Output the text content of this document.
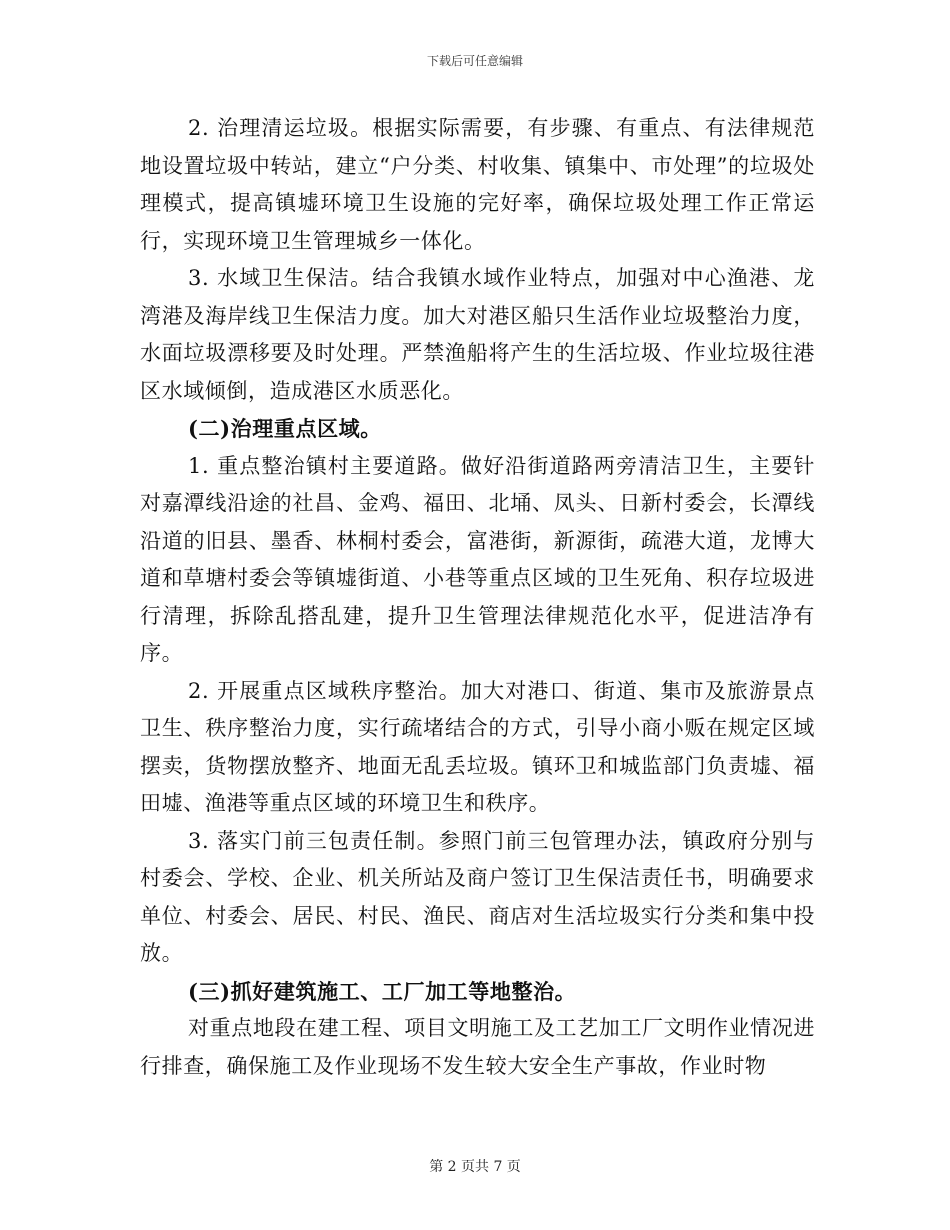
下载后可任意编辑

2. 治理清运垃圾。根据实际需要，有步骤、有重点、有法律规范地设置垃圾中转站，建立“户分类、村收集、镇集中、市处理”的垃圾处理模式，提高镇墟环境卫生设施的完好率，确保垃圾处理工作正常运行，实现环境卫生管理城乡一体化。

3. 水域卫生保洁。结合我镇水域作业特点，加强对中心渔港、龙湾港及海岸线卫生保洁力度。加大对港区船只生活作业垃圾整治力度，水面垃圾漂移要及时处理。严禁渔船将产生的生活垃圾、作业垃圾往港区水域倾倒，造成港区水质恶化。

(二)治理重点区域。

1. 重点整治镇村主要道路。做好沿街道路两旁清洁卫生，主要针对嘉潭线沿途的社昌、金鸡、福田、北埇、凤头、日新村委会，长潭线沿道的旧县、墨香、林桐村委会，富港街，新源街，疏港大道，龙博大道和草塘村委会等镇墟街道、小巷等重点区域的卫生死角、积存垃圾进行清理，拆除乱搭乱建，提升卫生管理法律规范化水平，促进洁净有序。

2. 开展重点区域秩序整治。加大对港口、街道、集市及旅游景点卫生、秩序整治力度，实行疏堵结合的方式，引导小商小贩在规定区域摆卖，货物摆放整齐、地面无乱丢垃圾。镇环卫和城监部门负责墟、福田墟、渔港等重点区域的环境卫生和秩序。

3. 落实门前三包责任制。参照门前三包管理办法，镇政府分别与村委会、学校、企业、机关所站及商户签订卫生保洁责任书，明确要求单位、村委会、居民、村民、渔民、商店对生活垃圾实行分类和集中投放。

(三)抓好建筑施工、工厂加工等地整治。

对重点地段在建工程、项目文明施工及工艺加工厂文明作业情况进行排查，确保施工及作业现场不发生较大安全生产事故，作业时物

第 2 页共 7 页
